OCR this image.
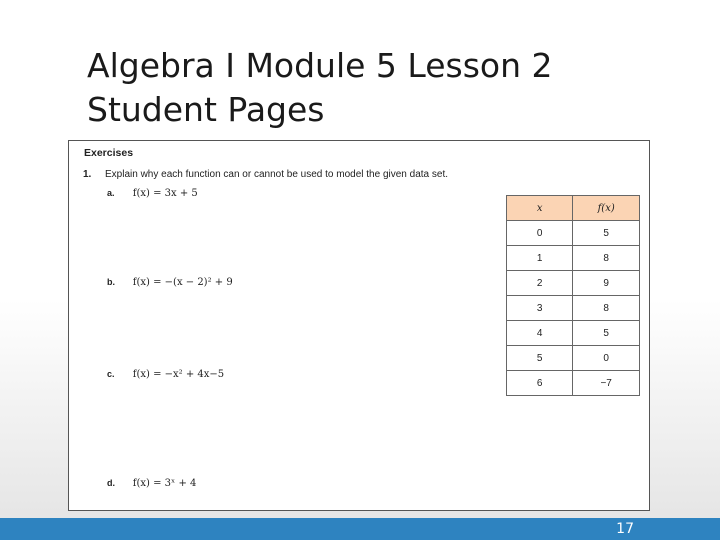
Algebra I Module 5 Lesson 2
Student Pages
Exercises
1. Explain why each function can or cannot be used to model the given data set.
a. f(x) = 3x + 5
b. f(x) = −(x − 2)² + 9
c. f(x) = −x² + 4x−5
d. f(x) = 3ˣ + 4
x	f(x)
0	5
1	8
2	9
3	8
4	5
5	0
6	−7
17
